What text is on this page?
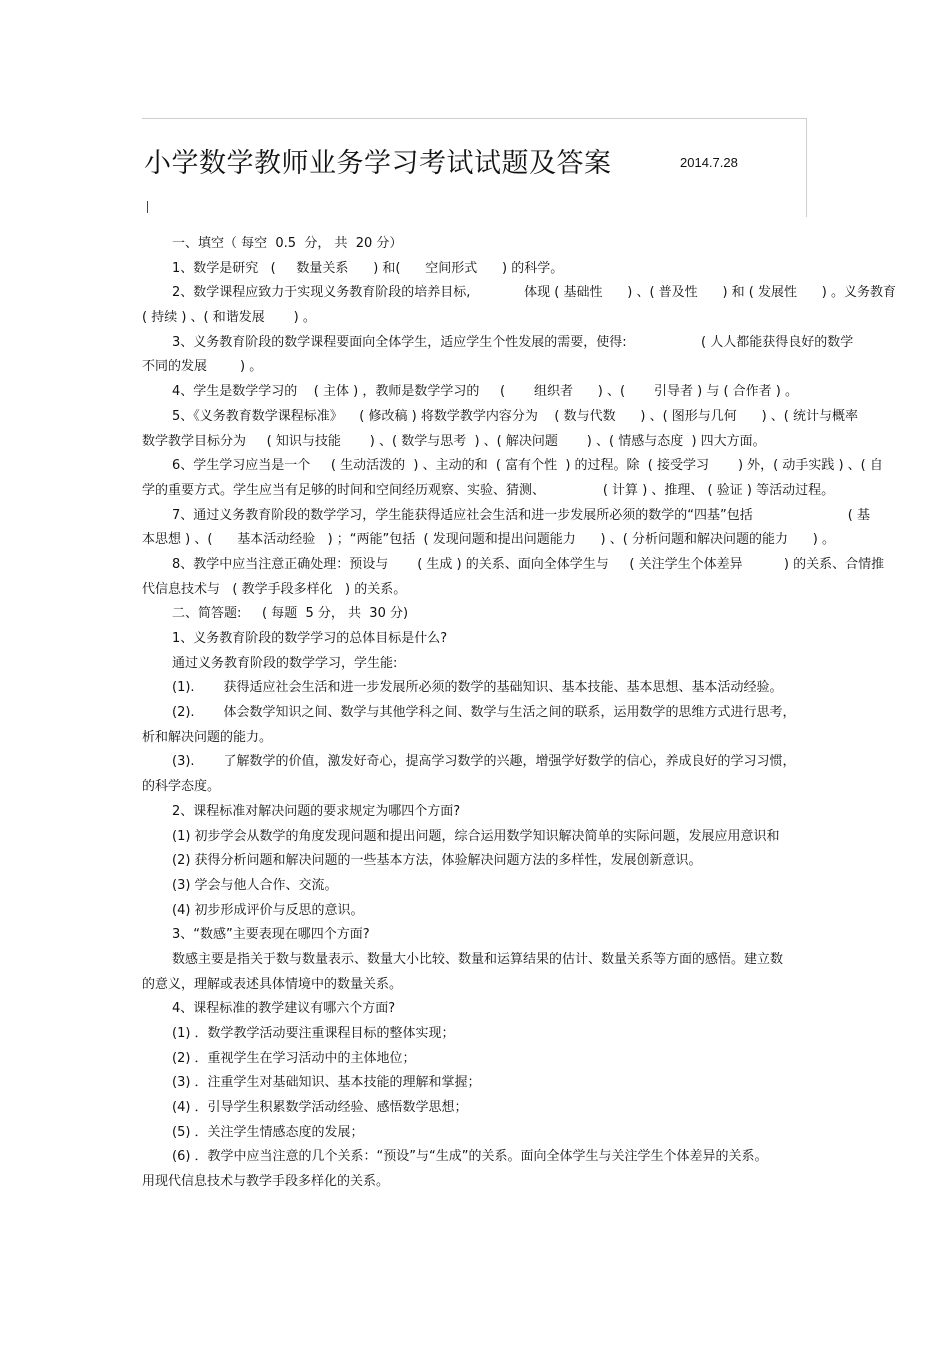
小学数学教师业务学习考试试题及答案	2014.7.28
一、填空（ 每空  0.5  分， 共  20 分）
1、数学是研究   (     数量关系      ) 和(      空间形式      ) 的科学。
2、数学课程应致力于实现义务教育阶段的培养目标,             体现 ( 基础性      ) 、( 普及性      ) 和 ( 发展性      ) 。义务教育
( 持续 ) 、( 和谐发展       ) 。
3、义务教育阶段的数学课程要面向全体学生，适应学生个性发展的需要，使得:                  ( 人人都能获得良好的数学
不同的发展        ) 。
4、学生是数学学习的    ( 主体 ) ，教师是数学学习的     (       组织者      ) 、(       引导者 ) 与 ( 合作者 ) 。
5、《义务教育数学课程标准》    ( 修改稿 ) 将数学教学内容分为    ( 数与代数      ) 、( 图形与几何      ) 、( 统计与概率
数学教学目标分为     ( 知识与技能       ) 、( 数学与思考  ) 、( 解决问题       ) 、( 情感与态度  ) 四大方面。
6、学生学习应当是一个     ( 生动活泼的  ) 、主动的和  ( 富有个性  ) 的过程。除  ( 接受学习       ) 外，( 动手实践 ) 、( 自
学的重要方式。学生应当有足够的时间和空间经历观察、实验、猜测、              ( 计算 ) 、推理、 ( 验证 ) 等活动过程。
7、通过义务教育阶段的数学学习，学生能获得适应社会生活和进一步发展所必须的数学的“四基”包括                       ( 基
本思想 ) 、(      基本活动经验   ) ；“两能”包括  ( 发现问题和提出问题能力      ) 、( 分析问题和解决问题的能力      ) 。
8、教学中应当注意正确处理：预设与       ( 生成 ) 的关系、面向全体学生与     ( 关注学生个体差异          ) 的关系、合情推
代信息技术与   ( 教学手段多样化   ) 的关系。
二、简答题:     ( 每题  5 分， 共  30 分)
1、义务教育阶段的数学学习的总体目标是什么?
通过义务教育阶段的数学学习，学生能:
(1).       获得适应社会生活和进一步发展所必须的数学的基础知识、基本技能、基本思想、基本活动经验。
(2).       体会数学知识之间、数学与其他学科之间、数学与生活之间的联系，运用数学的思维方式进行思考，
析和解决问题的能力。
(3).       了解数学的价值，激发好奇心，提高学习数学的兴趣，增强学好数学的信心，养成良好的学习习惯，
的科学态度。
2、课程标准对解决问题的要求规定为哪四个方面?
(1) 初步学会从数学的角度发现问题和提出问题，综合运用数学知识解决简单的实际问题，发展应用意识和
(2) 获得分析问题和解决问题的一些基本方法，体验解决问题方法的多样性，发展创新意识。
(3) 学会与他人合作、交流。
(4) 初步形成评价与反思的意识。
3、“数感”主要表现在哪四个方面?
数感主要是指关于数与数量表示、数量大小比较、数量和运算结果的估计、数量关系等方面的感悟。建立数
的意义，理解或表述具体情境中的数量关系。
4、课程标准的教学建议有哪六个方面?
(1) ．数学教学活动要注重课程目标的整体实现；
(2) ．重视学生在学习活动中的主体地位；
(3) ．注重学生对基础知识、基本技能的理解和掌握；
(4) ．引导学生积累数学活动经验、感悟数学思想；
(5) ．关注学生情感态度的发展；
(6) ．教学中应当注意的几个关系：“预设”与“生成”的关系。面向全体学生与关注学生个体差异的关系。
用现代信息技术与教学手段多样化的关系。
